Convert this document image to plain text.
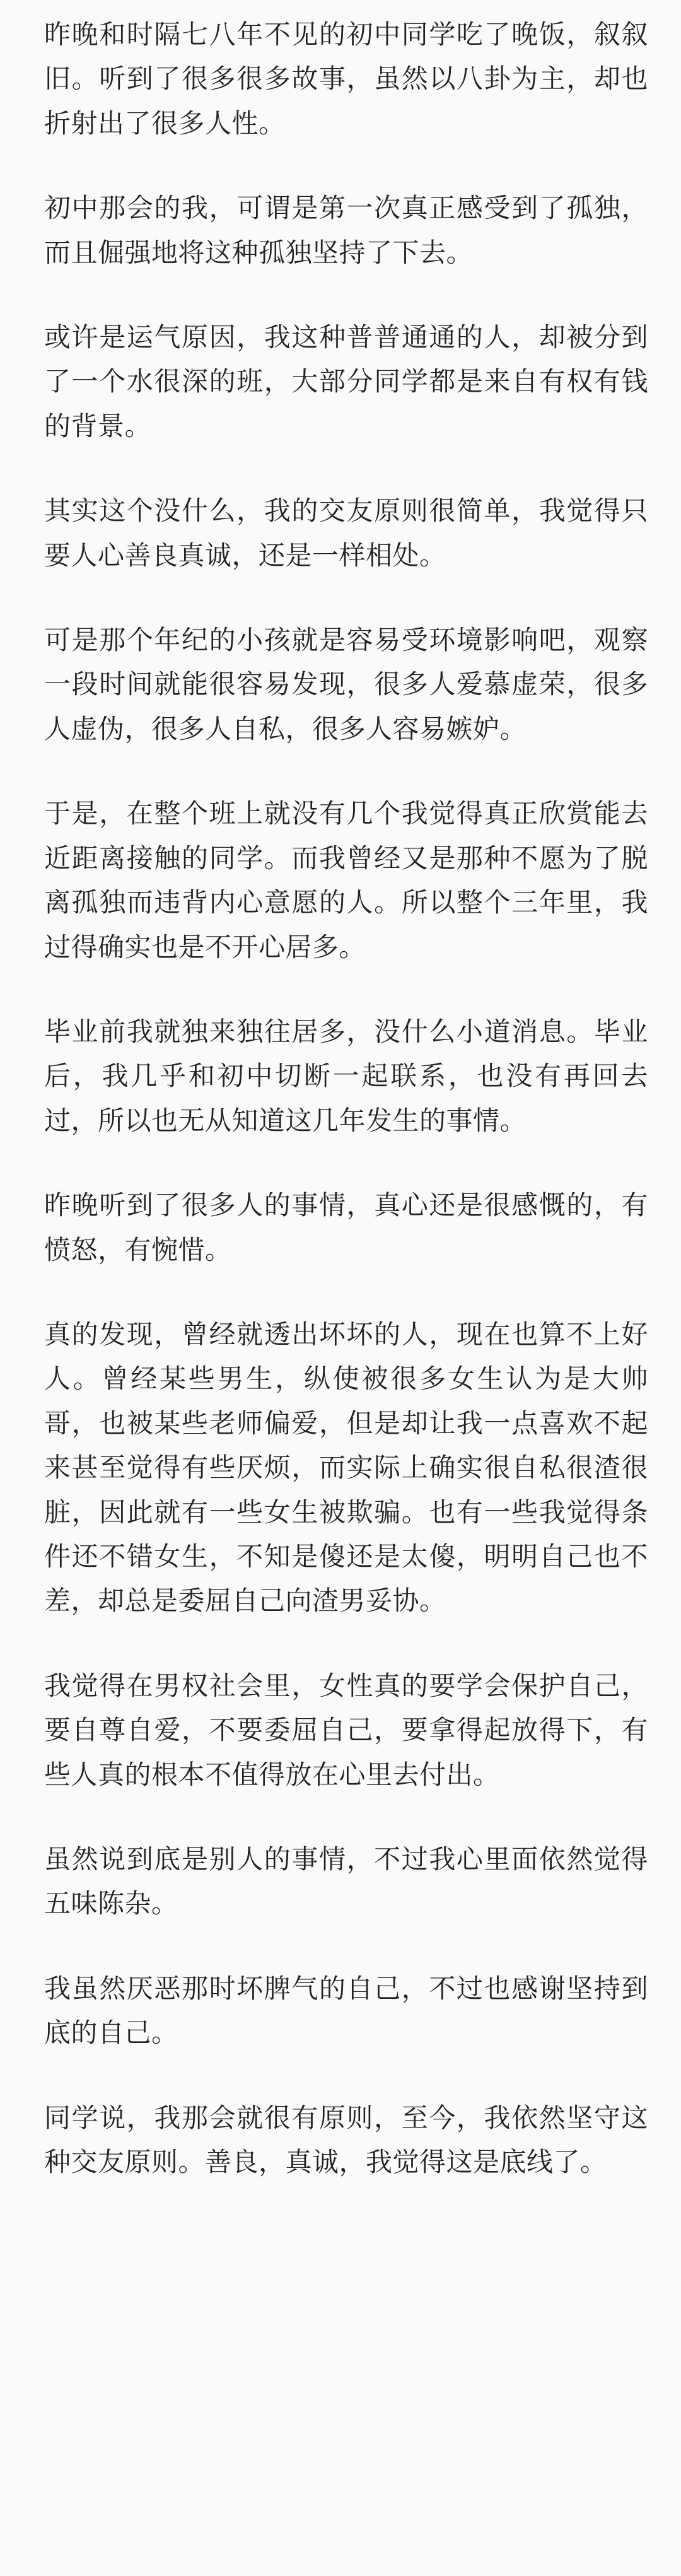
昨晚和时隔七八年不见的初中同学吃了晚饭，叙叙旧。听到了很多很多故事，虽然以八卦为主，却也折射出了很多人性。

初中那会的我，可谓是第一次真正感受到了孤独，而且倔强地将这种孤独坚持了下去。

或许是运气原因，我这种普普通通的人，却被分到了一个水很深的班，大部分同学都是来自有权有钱的背景。

其实这个没什么，我的交友原则很简单，我觉得只要人心善良真诚，还是一样相处。

可是那个年纪的小孩就是容易受环境影响吧，观察一段时间就能很容易发现，很多人爱慕虚荣，很多人虚伪，很多人自私，很多人容易嫉妒。

于是，在整个班上就没有几个我觉得真正欣赏能去近距离接触的同学。而我曾经又是那种不愿为了脱离孤独而违背内心意愿的人。所以整个三年里，我过得确实也是不开心居多。

毕业前我就独来独往居多，没什么小道消息。毕业后，我几乎和初中切断一起联系，也没有再回去过，所以也无从知道这几年发生的事情。

昨晚听到了很多人的事情，真心还是很感慨的，有愤怒，有惋惜。

真的发现，曾经就透出坏坏的人，现在也算不上好人。曾经某些男生，纵使被很多女生认为是大帅哥，也被某些老师偏爱，但是却让我一点喜欢不起来甚至觉得有些厌烦，而实际上确实很自私很渣很脏，因此就有一些女生被欺骗。也有一些我觉得条件还不错女生，不知是傻还是太傻，明明自己也不差，却总是委屈自己向渣男妥协。

我觉得在男权社会里，女性真的要学会保护自己，要自尊自爱，不要委屈自己，要拿得起放得下，有些人真的根本不值得放在心里去付出。

虽然说到底是别人的事情，不过我心里面依然觉得五味陈杂。

我虽然厌恶那时坏脾气的自己，不过也感谢坚持到底的自己。

同学说，我那会就很有原则，至今，我依然坚守这种交友原则。善良，真诚，我觉得这是底线了。
